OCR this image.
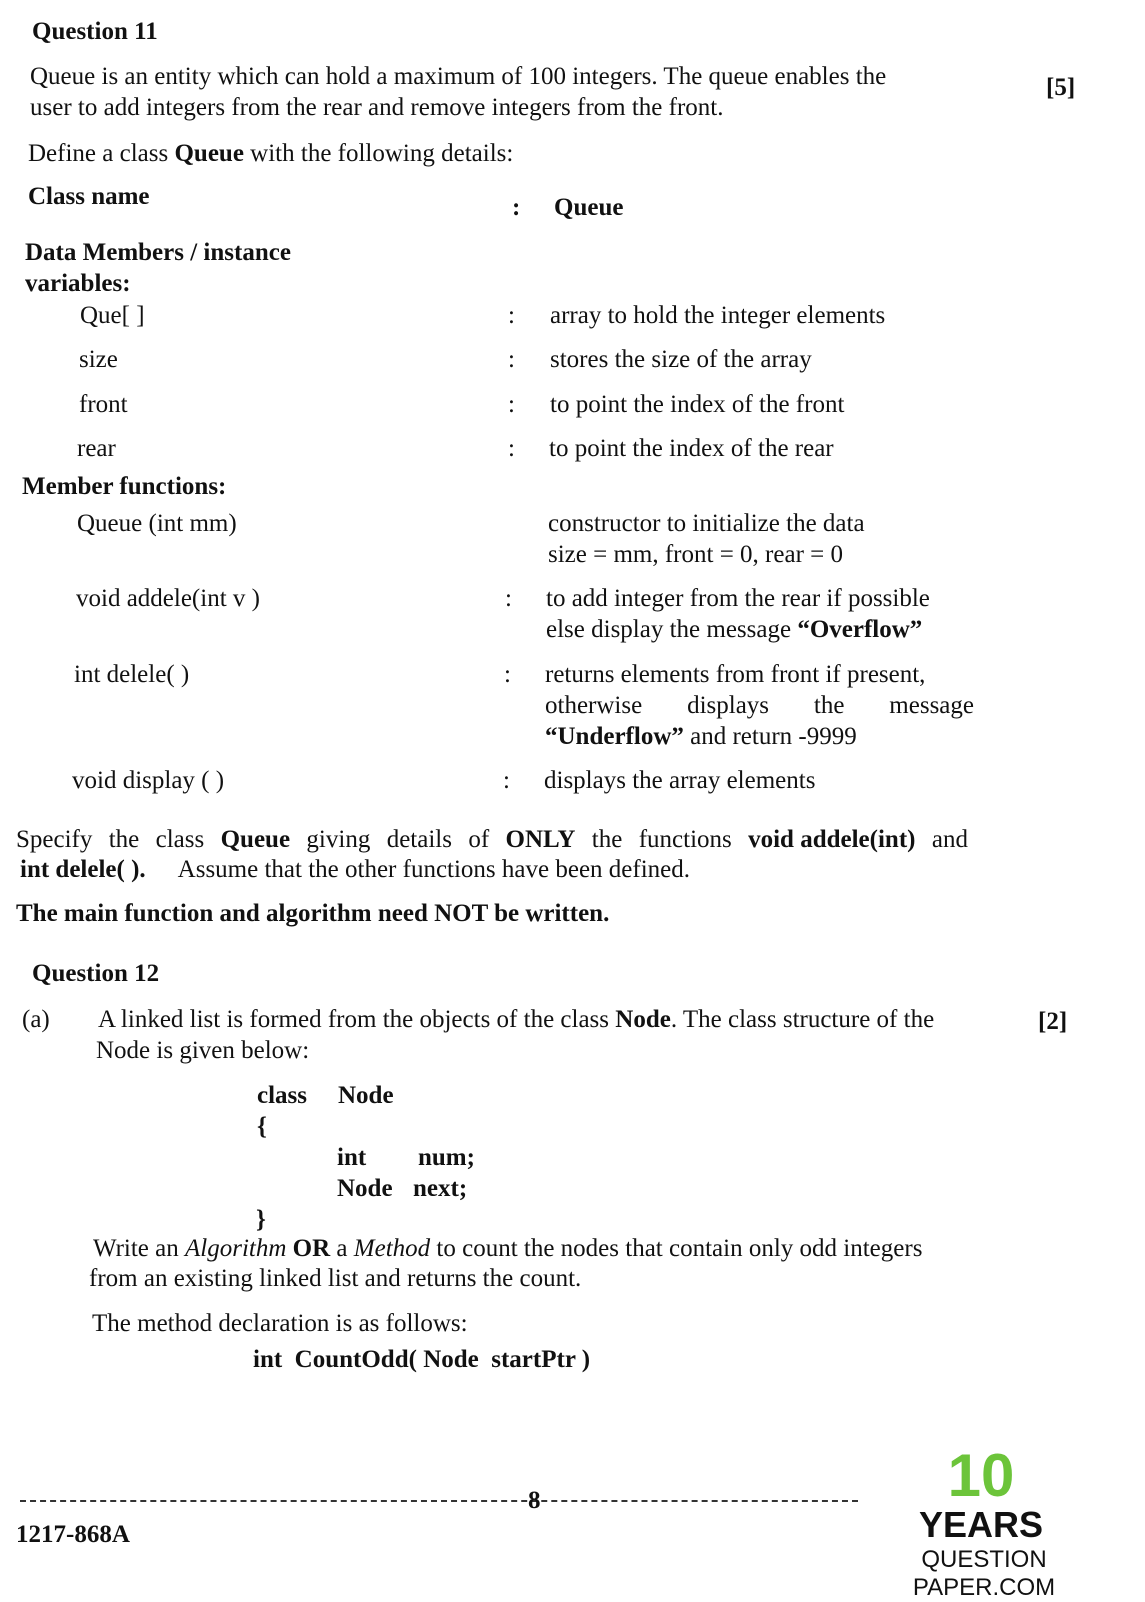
Question 11
Queue is an entity which can hold a maximum of 100 integers. The queue enables the
user to add integers from the rear and remove integers from the front.
[5]
Define a class Queue with the following details:
Class name	: Queue
Data Members / instance
variables:
Que[ ]	: array to hold the integer elements
size	: stores the size of the array
front	: to point the index of the front
rear	: to point the index of the rear
Member functions:
Queue (int mm)	constructor to initialize the data
size = mm, front = 0, rear = 0
void addele(int v )	: to add integer from the rear if possible
else display the message “Overflow”
int delele( )	: returns elements from front if present,
otherwise displays the message
“Underflow” and return -9999
void display ( )	: displays the array elements
Specify the class Queue giving details of ONLY the functions void addele(int) and
int delele( ). Assume that the other functions have been defined.
The main function and algorithm need NOT be written.
Question 12
(a) A linked list is formed from the objects of the class Node. The class structure of the	[2]
Node is given below:
class Node
{
int num;
Node next;
}
Write an Algorithm OR a Method to count the nodes that contain only odd integers
from an existing linked list and returns the count.
The method declaration is as follows:
int  CountOdd( Node  startPtr )
8
1217-868A
10
YEARS
QUESTION PAPER.COM
